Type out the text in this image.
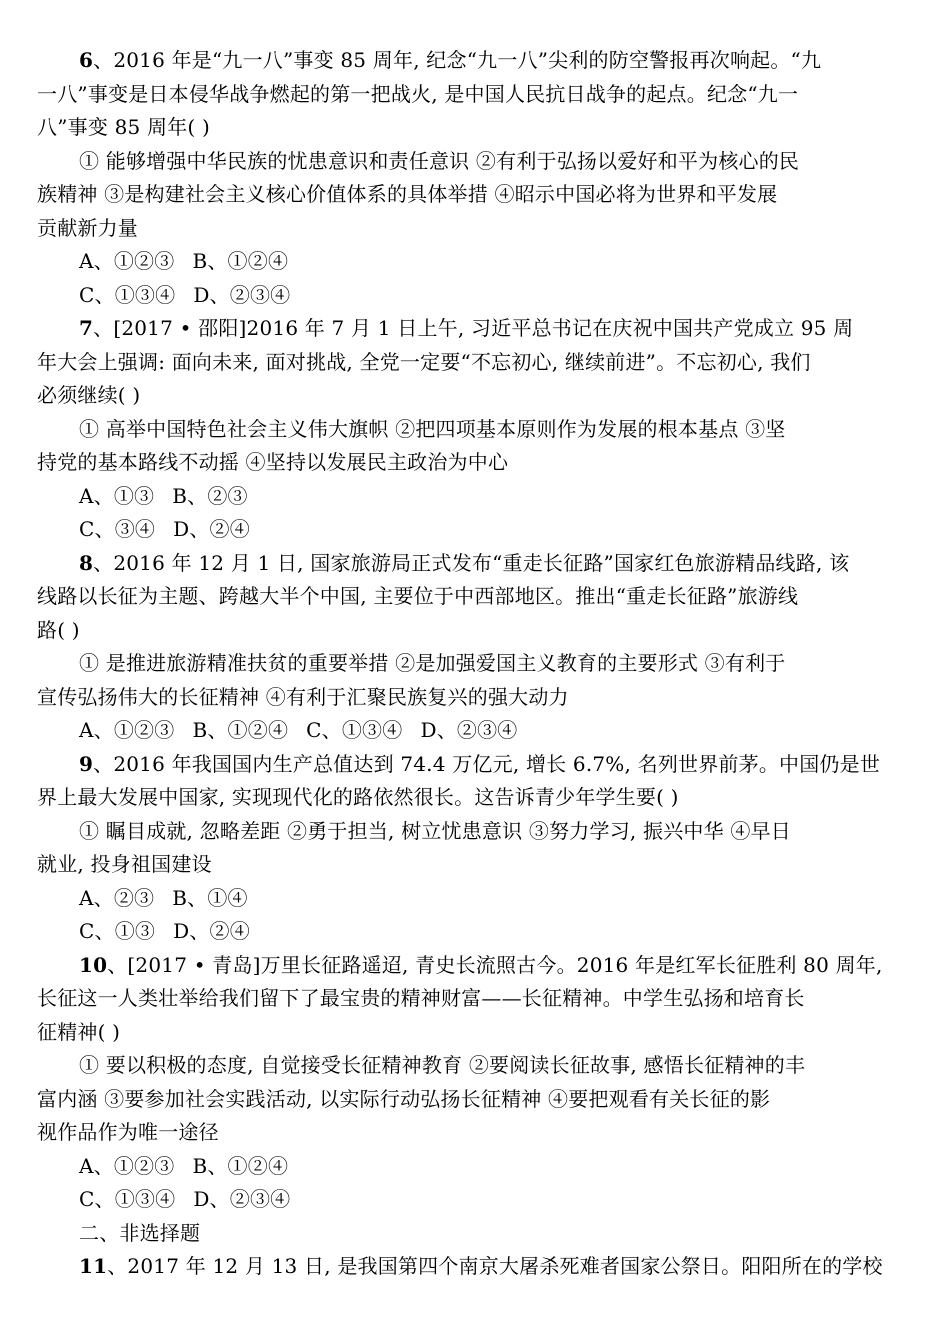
6、2016 年是“九一八”事变 85 周年, 纪念“九一八”尖利的防空警报再次响起。“九
一八”事变是日本侵华战争燃起的第一把战火, 是中国人民抗日战争的起点。纪念“九一
八”事变 85 周年( )
① 能够增强中华民族的忧患意识和责任意识 ②有利于弘扬以爱好和平为核心的民
族精神 ③是构建社会主义核心价值体系的具体举措 ④昭示中国必将为世界和平发展
贡献新力量
A、①②③ B、①②④
C、①③④ D、②③④
7、[2017 • 邵阳]2016 年 7 月 1 日上午, 习近平总书记在庆祝中国共产党成立 95 周
年大会上强调: 面向未来, 面对挑战, 全党一定要“不忘初心, 继续前进”。不忘初心, 我们
必须继续( )
① 高举中国特色社会主义伟大旗帜 ②把四项基本原则作为发展的根本基点 ③坚
持党的基本路线不动摇 ④坚持以发展民主政治为中心
A、①③ B、②③
C、③④ D、②④
8、2016 年 12 月 1 日, 国家旅游局正式发布“重走长征路”国家红色旅游精品线路, 该
线路以长征为主题、跨越大半个中国, 主要位于中西部地区。推出“重走长征路”旅游线
路( )
① 是推进旅游精准扶贫的重要举措 ②是加强爱国主义教育的主要形式 ③有利于
宣传弘扬伟大的长征精神 ④有利于汇聚民族复兴的强大动力
A、①②③ B、①②④ C、①③④ D、②③④
9、2016 年我国国内生产总值达到 74.4 万亿元, 增长 6.7%, 名列世界前茅。中国仍是世
界上最大发展中国家, 实现现代化的路依然很长。这告诉青少年学生要( )
① 瞩目成就, 忽略差距 ②勇于担当, 树立忧患意识 ③努力学习, 振兴中华 ④早日
就业, 投身祖国建设
A、②③ B、①④
C、①③ D、②④
10、[2017 • 青岛]万里长征路遥迢, 青史长流照古今。2016 年是红军长征胜利 80 周年,
长征这一人类壮举给我们留下了最宝贵的精神财富——长征精神。中学生弘扬和培育长
征精神( )
① 要以积极的态度, 自觉接受长征精神教育 ②要阅读长征故事, 感悟长征精神的丰
富内涵 ③要参加社会实践活动, 以实际行动弘扬长征精神 ④要把观看有关长征的影
视作品作为唯一途径
A、①②③ B、①②④
C、①③④ D、②③④
二、非选择题
11、2017 年 12 月 13 日, 是我国第四个南京大屠杀死难者国家公祭日。阳阳所在的学校
